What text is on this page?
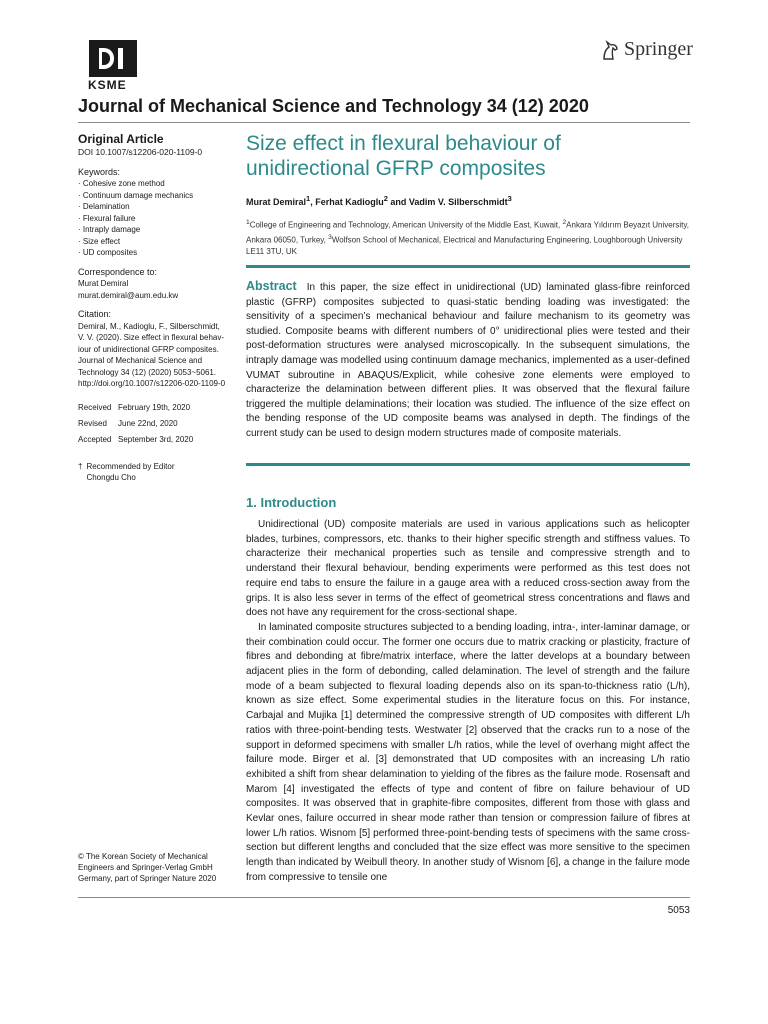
KSME
Springer
Journal of Mechanical Science and Technology 34 (12) 2020
Original Article
DOI 10.1007/s12206-020-1109-0
Keywords:
· Cohesive zone method
· Continuum damage mechanics
· Delamination
· Flexural failure
· Intraply damage
· Size effect
· UD composites
Correspondence to:
Murat Demiral
murat.demiral@aum.edu.kw
Citation:
Demiral, M., Kadioglu, F., Silberschmidt,
V. V. (2020). Size effect in flexural behav-
iour of unidirectional GFRP composites.
Journal of Mechanical Science and
Technology 34 (12) (2020) 5053~5061.
http://doi.org/10.1007/s12206-020-1109-0
Received February 19th, 2020
Revised	June 22nd, 2020
Accepted September 3rd, 2020
† Recommended by Editor
Chongdu Cho
© The Korean Society of Mechanical
Engineers and Springer-Verlag GmbH
Germany, part of Springer Nature 2020
Size effect in flexural behaviour of unidirectional GFRP composites
Murat Demiral$^1$, Ferhat Kadioglu$^2$ and Vadim V. Silberschmidt$^3$
$^1$College of Engineering and Technology, American University of the Middle East, Kuwait, $^2$Ankara Yıldırım Beyazıt University, Ankara 06050, Turkey, $^3$Wolfson School of Mechanical, Electrical and Manufacturing Engineering, Loughborough University LE11 3TU, UK

Abstract In this paper, the size effect in unidirectional (UD) laminated glass-fibre reinforced plastic (GFRP) composites subjected to quasi-static bending loading was investigated: the sensitivity of a specimen’s mechanical behaviour and failure mechanism to its geometry was studied. Composite beams with different numbers of 0° unidirectional plies were tested and their post-deformation structures were analysed microscopically. In the subsequent simulations, the intraply damage was modelled using continuum damage mechanics, implemented as a user-defined VUMAT subroutine in ABAQUS/Explicit, while cohesive zone elements were employed to characterize the delamination between different plies. It was observed that the flexural failure triggered the multiple delaminations; their location was studied. The influence of the size effect on the bending response of the UD composite beams was analysed in depth. The findings of the current study can be used to design modern structures made of composite materials.

1. Introduction

Unidirectional (UD) composite materials are used in various applications such as helicopter blades, turbines, compressors, etc. thanks to their higher specific strength and stiffness values. To characterize their mechanical properties such as tensile and compressive strength and to understand their flexural behaviour, bending experiments were performed as this test does not require end tabs to ensure the failure in a gauge area with a reduced cross-section away from the grips. It is also less sever in terms of the effect of geometrical stress concentrations and flaws and does not have any requirement for the cross-sectional shape.

In laminated composite structures subjected to a bending loading, intra-, inter-laminar damage, or their combination could occur. The former one occurs due to matrix cracking or plasticity, fracture of fibres and debonding at fibre/matrix interface, where the latter develops at a boundary between adjacent plies in the form of debonding, called delamination. The level of strength and the failure mode of a beam subjected to flexural loading depends also on its span-to-thickness ratio (L/h), known as size effect. Some experimental studies in the literature focus on this. For instance, Carbajal and Mujika [1] determined the compressive strength of UD composites with different L/h ratios with three-point-bending tests. Westwater [2] observed that the cracks run to a nose of the support in deformed specimens with smaller L/h ratios, while the level of overhang might affect the failure mode. Birger et al. [3] demonstrated that UD composites with an increasing L/h ratio exhibited a shift from shear delamination to yielding of the fibres as the failure mode. Rosensaft and Marom [4] investigated the effects of type and content of fibre on failure behaviour of UD composites. It was observed that in graphite-fibre composites, different from those with glass and Kevlar ones, failure occurred in shear mode rather than tension or compression failure of fibres at lower L/h ratios. Wisnom [5] performed three-point-bending tests of specimens with the same cross-section but different lengths and concluded that the size effect was more sensitive to the specimen length than indicated by Weibull theory. In another study of Wisnom [6], a change in the failure mode from compressive to tensile one

5053
